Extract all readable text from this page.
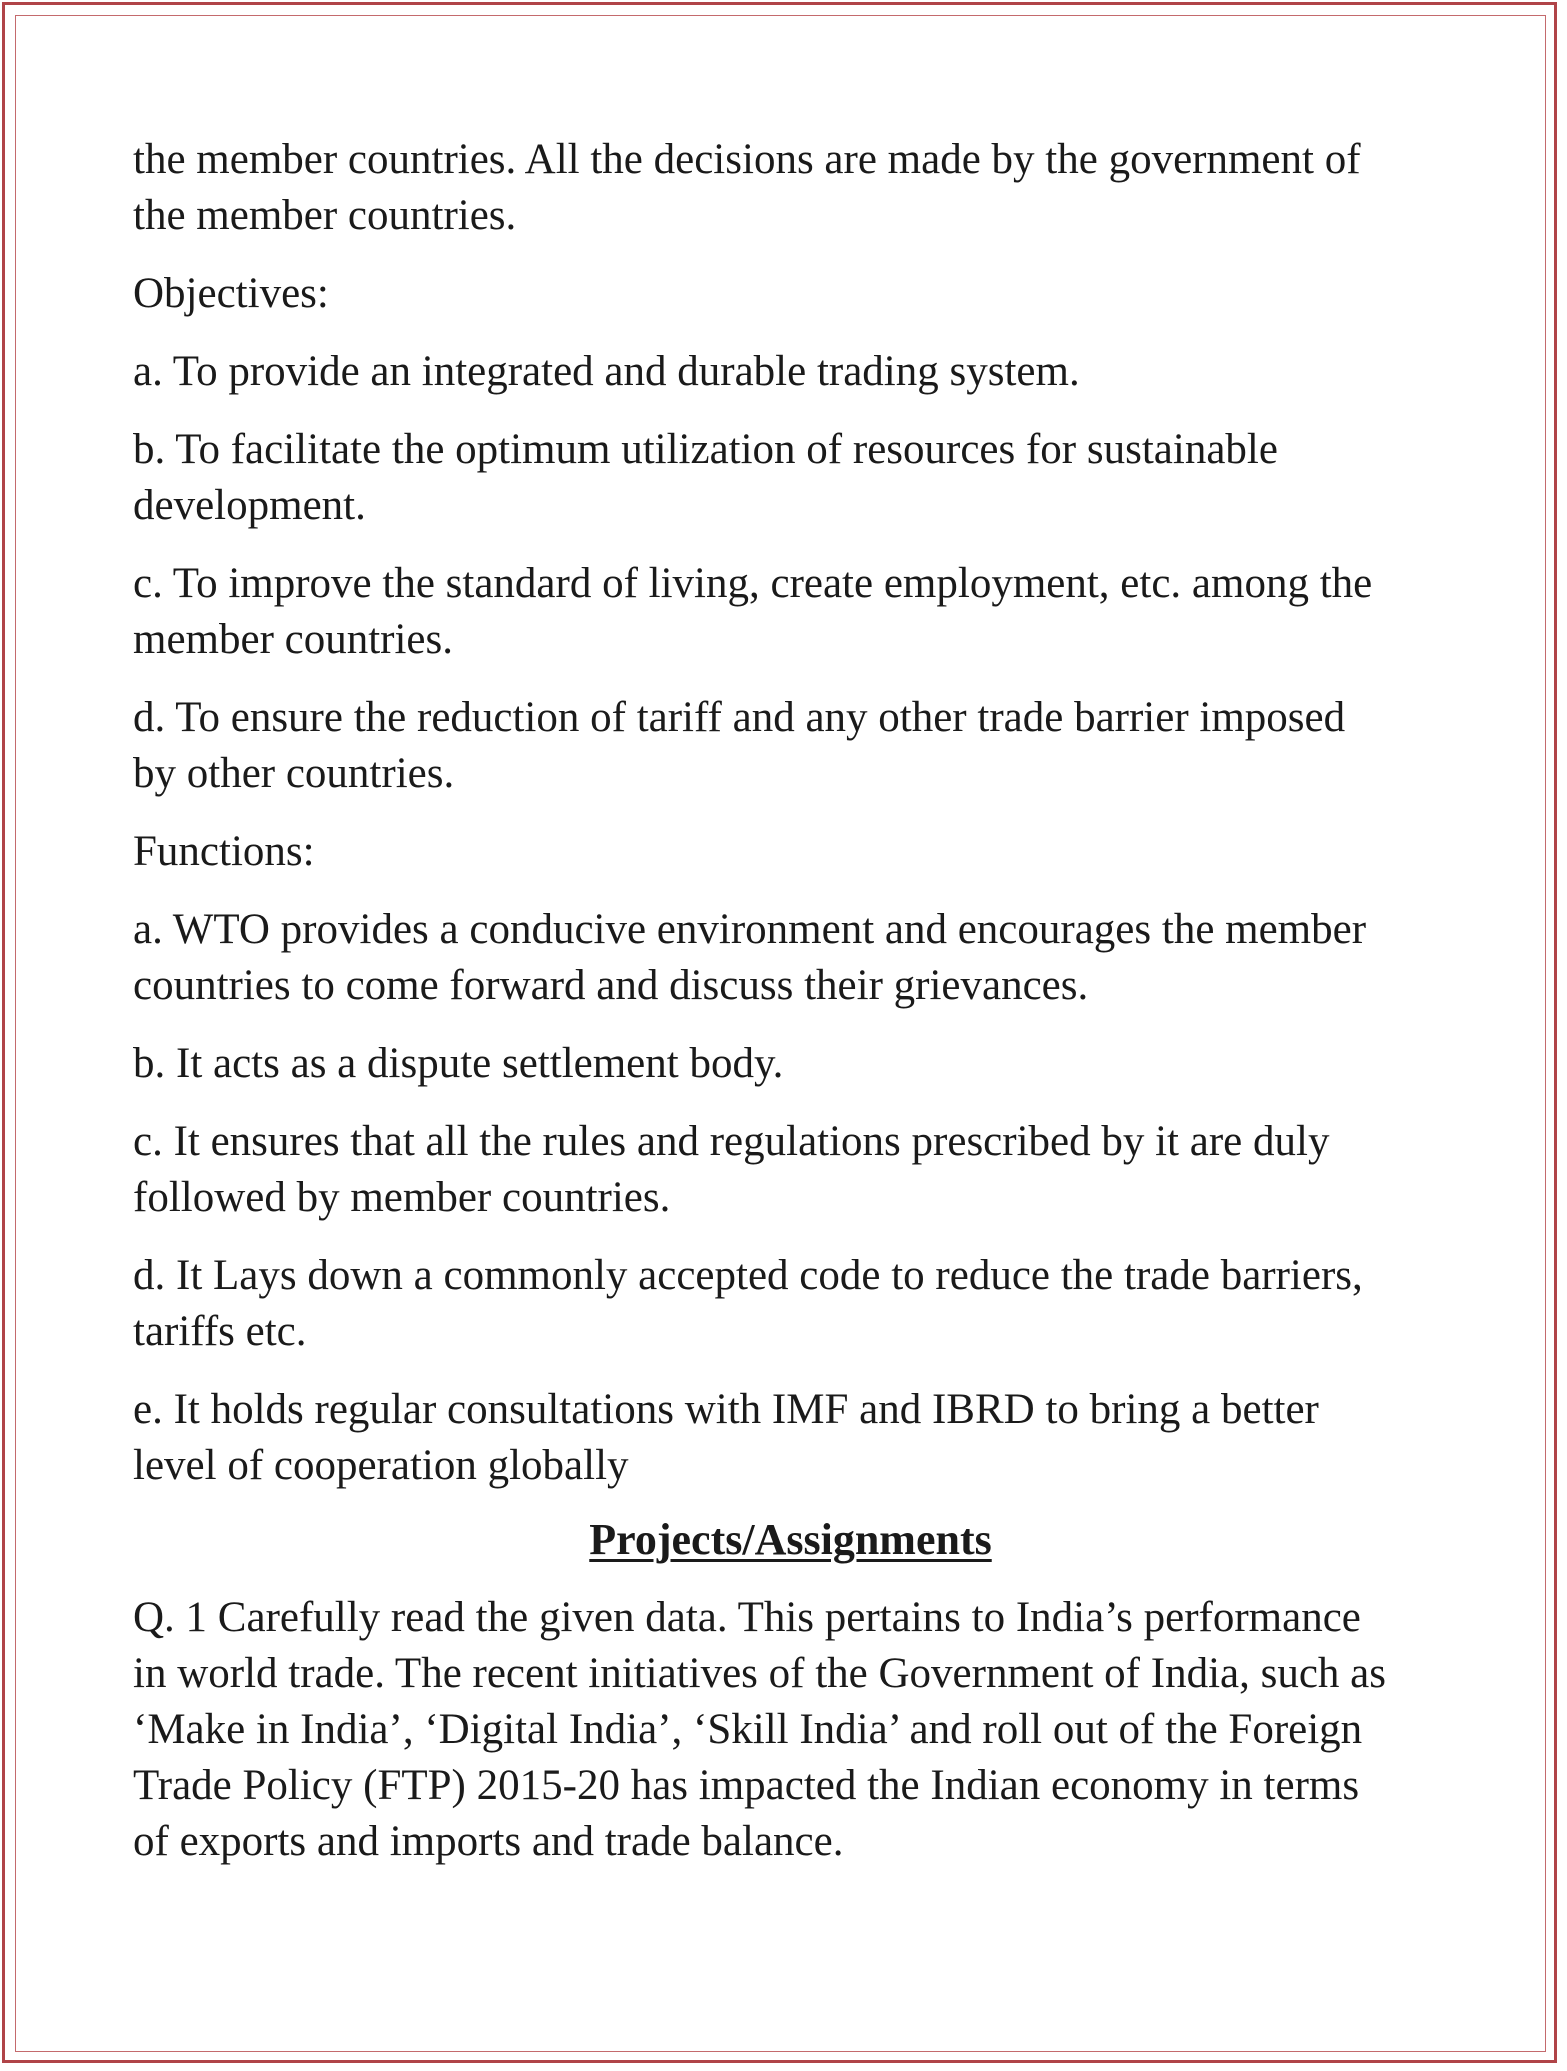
the member countries. All the decisions are made by the government of
the member countries.

Objectives:

a. To provide an integrated and durable trading system.

b. To facilitate the optimum utilization of resources for sustainable
development.

c. To improve the standard of living, create employment, etc. among the
member countries.

d. To ensure the reduction of tariff and any other trade barrier imposed
by other countries.

Functions:

a. WTO provides a conducive environment and encourages the member
countries to come forward and discuss their grievances.

b. It acts as a dispute settlement body.

c. It ensures that all the rules and regulations prescribed by it are duly
followed by member countries.

d. It Lays down a commonly accepted code to reduce the trade barriers,
tariffs etc.

e. It holds regular consultations with IMF and IBRD to bring a better
level of cooperation globally

Projects/Assignments

Q. 1 Carefully read the given data. This pertains to India’s performance
in world trade. The recent initiatives of the Government of India, such as
‘Make in India’, ‘Digital India’, ‘Skill India’ and roll out of the Foreign
Trade Policy (FTP) 2015-20 has impacted the Indian economy in terms
of exports and imports and trade balance.
